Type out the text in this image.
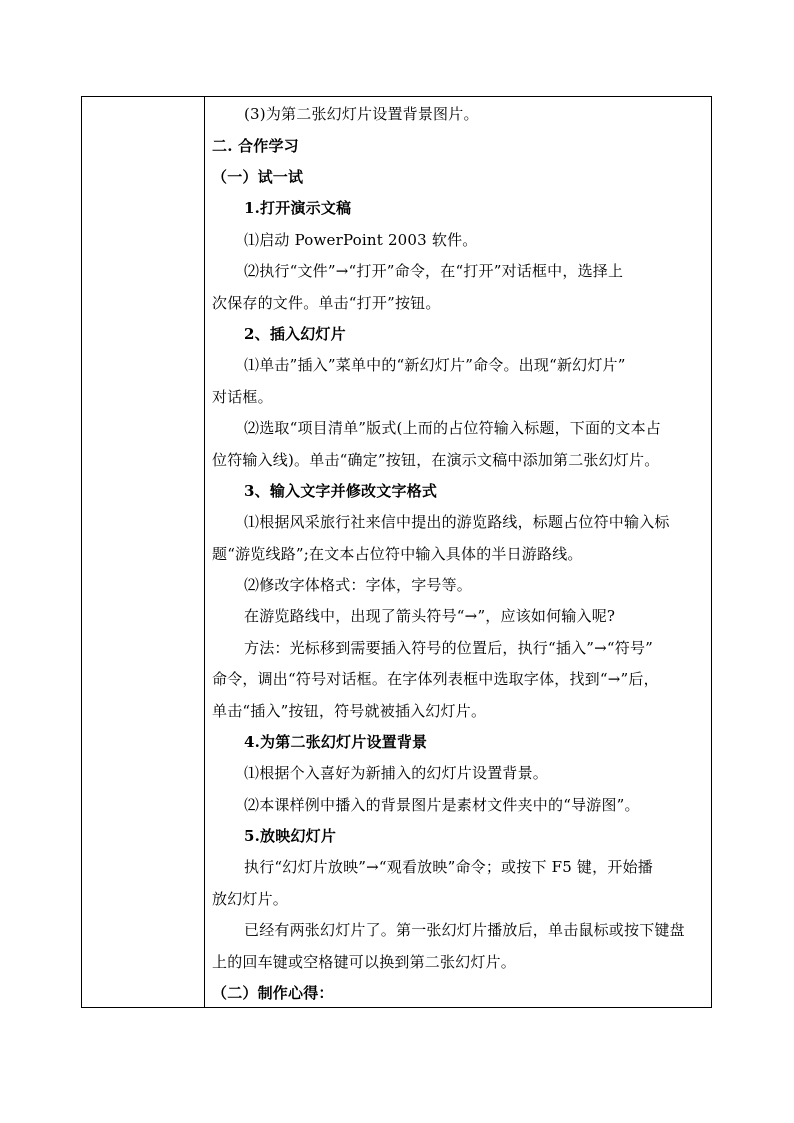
(3)为第二张幻灯片设置背景图片。
二. 合作学习
（一）试一试
1.打开演示文稿
⑴启动 PowerPoint 2003 软件。
⑵执行“文件”→“打开”命令，在“打开”对话框中，选择上
次保存的文件。单击“打开”按钮。
2、插入幻灯片
⑴单击”插入”菜单中的“新幻灯片”命令。出现“新幻灯片”
对话框。
⑵选取“项目清单”版式(上而的占位符输入标题，下面的文本占
位符输入线)。单击“确定”按钮，在演示文稿中添加第二张幻灯片。
3、输入文字并修改文字格式
⑴根据风采旅行社来信中提出的游览路线，标题占位符中输入标
题“游览线路”;在文本占位符中输入具体的半日游路线。
⑵修改字体格式：字体，字号等。
在游览路线中，出现了箭头符号“→”，应该如何输入呢?
方法：光标移到需要插入符号的位置后，执行“插入”→“符号”
命令，调出“符号对话框。在字体列表框中选取字体，找到“→”后，
单击“插入”按钮，符号就被插入幻灯片。
4.为第二张幻灯片设置背景
⑴根据个入喜好为新捕入的幻灯片设置背景。
⑵本课样例中播入的背景图片是素材文件夹中的“导游图”。
5.放映幻灯片
执行“幻灯片放映”→“观看放映”命令；或按下 F5 键，开始播
放幻灯片。
已经有两张幻灯片了。第一张幻灯片播放后，单击鼠标或按下键盘
上的回车键或空格键可以换到第二张幻灯片。
（二）制作心得：
